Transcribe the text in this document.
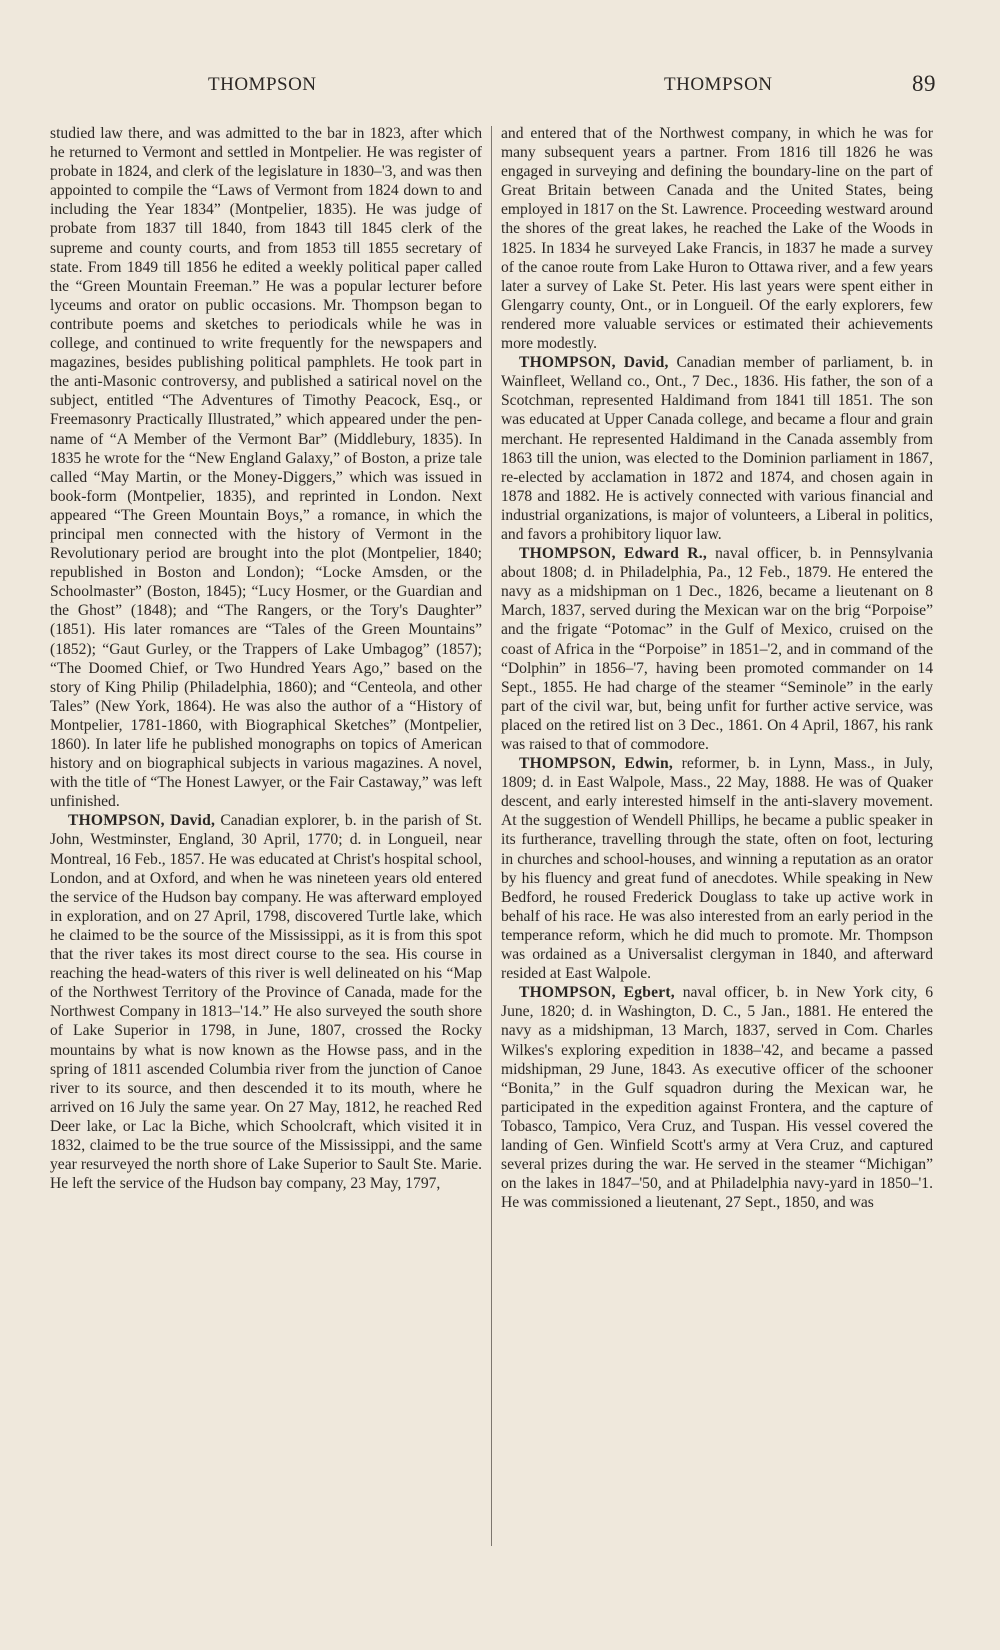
THOMPSON	THOMPSON	89

studied law there, and was admitted to the bar in 1823, after which he returned to Vermont and settled in Montpelier. He was register of probate in 1824, and clerk of the legislature in 1830–'3, and was then appointed to compile the “Laws of Vermont from 1824 down to and including the Year 1834” (Montpelier, 1835). He was judge of probate from 1837 till 1840, from 1843 till 1845 clerk of the supreme and county courts, and from 1853 till 1855 secretary of state. From 1849 till 1856 he edited a weekly political paper called the “Green Mountain Freeman.” He was a popular lecturer before lyceums and orator on public occasions. Mr. Thompson began to contribute poems and sketches to periodicals while he was in college, and continued to write frequently for the newspapers and magazines, besides publishing political pamphlets. He took part in the anti-Masonic controversy, and published a satirical novel on the subject, entitled “The Adventures of Timothy Peacock, Esq., or Freemasonry Practically Illustrated,” which appeared under the pen-name of “A Member of the Vermont Bar” (Middlebury, 1835). In 1835 he wrote for the “New England Galaxy,” of Boston, a prize tale called “May Martin, or the Money-Diggers,” which was issued in book-form (Montpelier, 1835), and reprinted in London. Next appeared “The Green Mountain Boys,” a romance, in which the principal men connected with the history of Vermont in the Revolutionary period are brought into the plot (Montpelier, 1840; republished in Boston and London); “Locke Amsden, or the Schoolmaster” (Boston, 1845); “Lucy Hosmer, or the Guardian and the Ghost” (1848); and “The Rangers, or the Tory's Daughter” (1851). His later romances are “Tales of the Green Mountains” (1852); “Gaut Gurley, or the Trappers of Lake Umbagog” (1857); “The Doomed Chief, or Two Hundred Years Ago,” based on the story of King Philip (Philadelphia, 1860); and “Centeola, and other Tales” (New York, 1864). He was also the author of a “History of Montpelier, 1781-1860, with Biographical Sketches” (Montpelier, 1860). In later life he published monographs on topics of American history and on biographical subjects in various magazines. A novel, with the title of “The Honest Lawyer, or the Fair Castaway,” was left unfinished.

THOMPSON, David, Canadian explorer, b. in the parish of St. John, Westminster, England, 30 April, 1770; d. in Longueil, near Montreal, 16 Feb., 1857. He was educated at Christ's hospital school, London, and at Oxford, and when he was nineteen years old entered the service of the Hudson bay company. He was afterward employed in exploration, and on 27 April, 1798, discovered Turtle lake, which he claimed to be the source of the Mississippi, as it is from this spot that the river takes its most direct course to the sea. His course in reaching the head-waters of this river is well delineated on his “Map of the Northwest Territory of the Province of Canada, made for the Northwest Company in 1813–'14.” He also surveyed the south shore of Lake Superior in 1798, in June, 1807, crossed the Rocky mountains by what is now known as the Howse pass, and in the spring of 1811 ascended Columbia river from the junction of Canoe river to its source, and then descended it to its mouth, where he arrived on 16 July the same year. On 27 May, 1812, he reached Red Deer lake, or Lac la Biche, which Schoolcraft, which visited it in 1832, claimed to be the true source of the Mississippi, and the same year resurveyed the north shore of Lake Superior to Sault Ste. Marie. He left the service of the Hudson bay company, 23 May, 1797,

and entered that of the Northwest company, in which he was for many subsequent years a partner. From 1816 till 1826 he was engaged in surveying and defining the boundary-line on the part of Great Britain between Canada and the United States, being employed in 1817 on the St. Lawrence. Proceeding westward around the shores of the great lakes, he reached the Lake of the Woods in 1825. In 1834 he surveyed Lake Francis, in 1837 he made a survey of the canoe route from Lake Huron to Ottawa river, and a few years later a survey of Lake St. Peter. His last years were spent either in Glengarry county, Ont., or in Longueil. Of the early explorers, few rendered more valuable services or estimated their achievements more modestly.

THOMPSON, David, Canadian member of parliament, b. in Wainfleet, Welland co., Ont., 7 Dec., 1836. His father, the son of a Scotchman, represented Haldimand from 1841 till 1851. The son was educated at Upper Canada college, and became a flour and grain merchant. He represented Haldimand in the Canada assembly from 1863 till the union, was elected to the Dominion parliament in 1867, re-elected by acclamation in 1872 and 1874, and chosen again in 1878 and 1882. He is actively connected with various financial and industrial organizations, is major of volunteers, a Liberal in politics, and favors a prohibitory liquor law.

THOMPSON, Edward R., naval officer, b. in Pennsylvania about 1808; d. in Philadelphia, Pa., 12 Feb., 1879. He entered the navy as a midshipman on 1 Dec., 1826, became a lieutenant on 8 March, 1837, served during the Mexican war on the brig “Porpoise” and the frigate “Potomac” in the Gulf of Mexico, cruised on the coast of Africa in the “Porpoise” in 1851–'2, and in command of the “Dolphin” in 1856–'7, having been promoted commander on 14 Sept., 1855. He had charge of the steamer “Seminole” in the early part of the civil war, but, being unfit for further active service, was placed on the retired list on 3 Dec., 1861. On 4 April, 1867, his rank was raised to that of commodore.

THOMPSON, Edwin, reformer, b. in Lynn, Mass., in July, 1809; d. in East Walpole, Mass., 22 May, 1888. He was of Quaker descent, and early interested himself in the anti-slavery movement. At the suggestion of Wendell Phillips, he became a public speaker in its furtherance, travelling through the state, often on foot, lecturing in churches and school-houses, and winning a reputation as an orator by his fluency and great fund of anecdotes. While speaking in New Bedford, he roused Frederick Douglass to take up active work in behalf of his race. He was also interested from an early period in the temperance reform, which he did much to promote. Mr. Thompson was ordained as a Universalist clergyman in 1840, and afterward resided at East Walpole.

THOMPSON, Egbert, naval officer, b. in New York city, 6 June, 1820; d. in Washington, D. C., 5 Jan., 1881. He entered the navy as a midshipman, 13 March, 1837, served in Com. Charles Wilkes's exploring expedition in 1838–'42, and became a passed midshipman, 29 June, 1843. As executive officer of the schooner “Bonita,” in the Gulf squadron during the Mexican war, he participated in the expedition against Frontera, and the capture of Tobasco, Tampico, Vera Cruz, and Tuspan. His vessel covered the landing of Gen. Winfield Scott's army at Vera Cruz, and captured several prizes during the war. He served in the steamer “Michigan” on the lakes in 1847–'50, and at Philadelphia navy-yard in 1850–'1. He was commissioned a lieutenant, 27 Sept., 1850, and was
